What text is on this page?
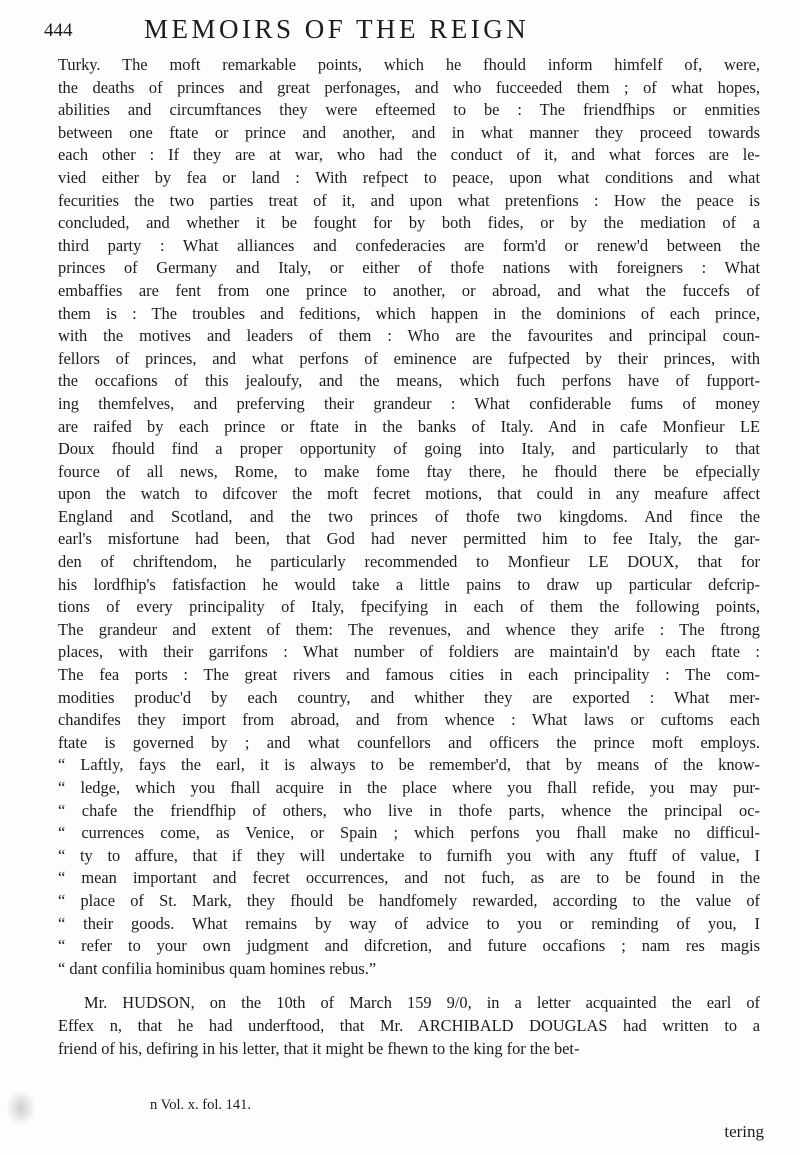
444	MEMOIRS OF THE REIGN
Turky. The moft remarkable points, which he fhould inform himfelf of, were,
the deaths of princes and great perfonages, and who fucceeded them ; of what hopes,
abilities and circumftances they were efteemed to be : The friendfhips or enmities
between one ftate or prince and another, and in what manner they proceed towards
each other : If they are at war, who had the conduct of it, and what forces are le-
vied either by fea or land : With refpect to peace, upon what conditions and what
fecurities the two parties treat of it, and upon what pretenfions : How the peace is
concluded, and whether it be fought for by both fides, or by the mediation of a
third party : What alliances and confederacies are form'd or renew'd between the
princes of Germany and Italy, or either of thofe nations with foreigners : What
embaffies are fent from one prince to another, or abroad, and what the fuccefs of
them is : The troubles and feditions, which happen in the dominions of each prince,
with the motives and leaders of them : Who are the favourites and principal coun-
fellors of princes, and what perfons of eminence are fufpected by their princes, with
the occafions of this jealoufy, and the means, which fuch perfons have of fupport-
ing themfelves, and preferving their grandeur : What confiderable fums of money
are raifed by each prince or ftate in the banks of Italy. And in cafe Monfieur LE
Doux fhould find a proper opportunity of going into Italy, and particularly to that
fource of all news, Rome, to make fome ftay there, he fhould there be efpecially
upon the watch to difcover the moft fecret motions, that could in any meafure affect
England and Scotland, and the two princes of thofe two kingdoms. And fince the
earl's misfortune had been, that God had never permitted him to fee Italy, the gar-
den of chriftendom, he particularly recommended to Monfieur LE DOUX, that for
his lordfhip's fatisfaction he would take a little pains to draw up particular defcrip-
tions of every principality of Italy, fpecifying in each of them the following points,
The grandeur and extent of them: The revenues, and whence they arife : The ftrong
places, with their garrifons : What number of foldiers are maintain'd by each ftate :
The fea ports : The great rivers and famous cities in each principality : The com-
modities produc'd by each country, and whither they are exported : What mer-
chandifes they import from abroad, and from whence : What laws or cuftoms each
ftate is governed by ; and what counfellors and officers the prince moft employs.
“ Laftly, fays the earl, it is always to be remember'd, that by means of the know-
“ ledge, which you fhall acquire in the place where you fhall refide, you may pur-
“ chafe the friendfhip of others, who live in thofe parts, whence the principal oc-
“ currences come, as Venice, or Spain ; which perfons you fhall make no difficul-
“ ty to affure, that if they will undertake to furnifh you with any ftuff of value, I
“ mean important and fecret occurrences, and not fuch, as are to be found in the
“ place of St. Mark, they fhould be handfomely rewarded, according to the value of
“ their goods. What remains by way of advice to you or reminding of you, I
“ refer to your own judgment and difcretion, and future occafions ; nam res magis
“ dant confilia hominibus quam homines rebus.”
Mr. HUDSON, on the 10th of March 159 9/0, in a letter acquainted the earl of
Effex n, that he had underftood, that Mr. ARCHIBALD DOUGLAS had written to a
friend of his, defiring in his letter, that it might be fhewn to the king for the bet-
n Vol. x. fol. 141.
tering
